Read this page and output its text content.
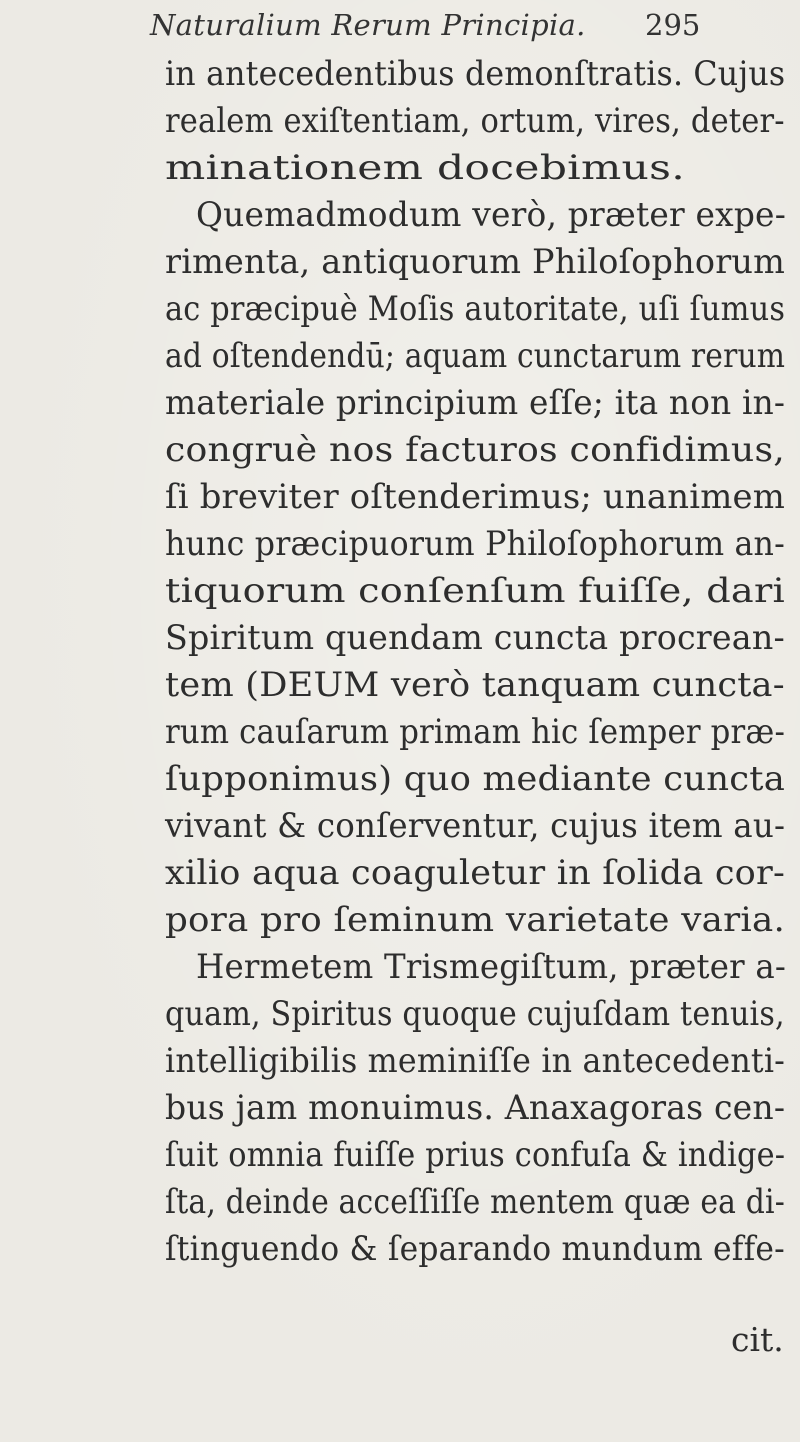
Naturalium Rerum Principia. 295
in antecedentibus demonſtratis. Cujus
realem exiſtentiam, ortum, vires, deter-
minationem docebimus.
Quemadmodum verò, præter expe-
rimenta, antiquorum Philoſophorum
ac præcipuè Moſis autoritate, uſi ſumus
ad oſtendendū; aquam cunctarum rerum
materiale principium eſſe; ita non in-
congruè nos facturos confidimus,
ſi breviter oſtenderimus; unanimem
hunc præcipuorum Philoſophorum an-
tiquorum conſenſum fuiſſe, dari
Spiritum quendam cuncta procrean-
tem (DEUM verò tanquam cuncta-
rum cauſarum primam hic ſemper præ-
ſupponimus) quo mediante cuncta
vivant & conſerventur, cujus item au-
xilio aqua coaguletur in ſolida cor-
pora pro ſeminum varietate varia.
Hermetem Trismegiſtum, præter a-
quam, Spiritus quoque cujuſdam tenuis,
intelligibilis meminiſſe in antecedenti-
bus jam monuimus. Anaxagoras cen-
ſuit omnia fuiſſe prius confuſa & indige-
ſta, deinde acceſſiſſe mentem quæ ea di-
ſtinguendo & ſeparando mundum effe-
cit.
